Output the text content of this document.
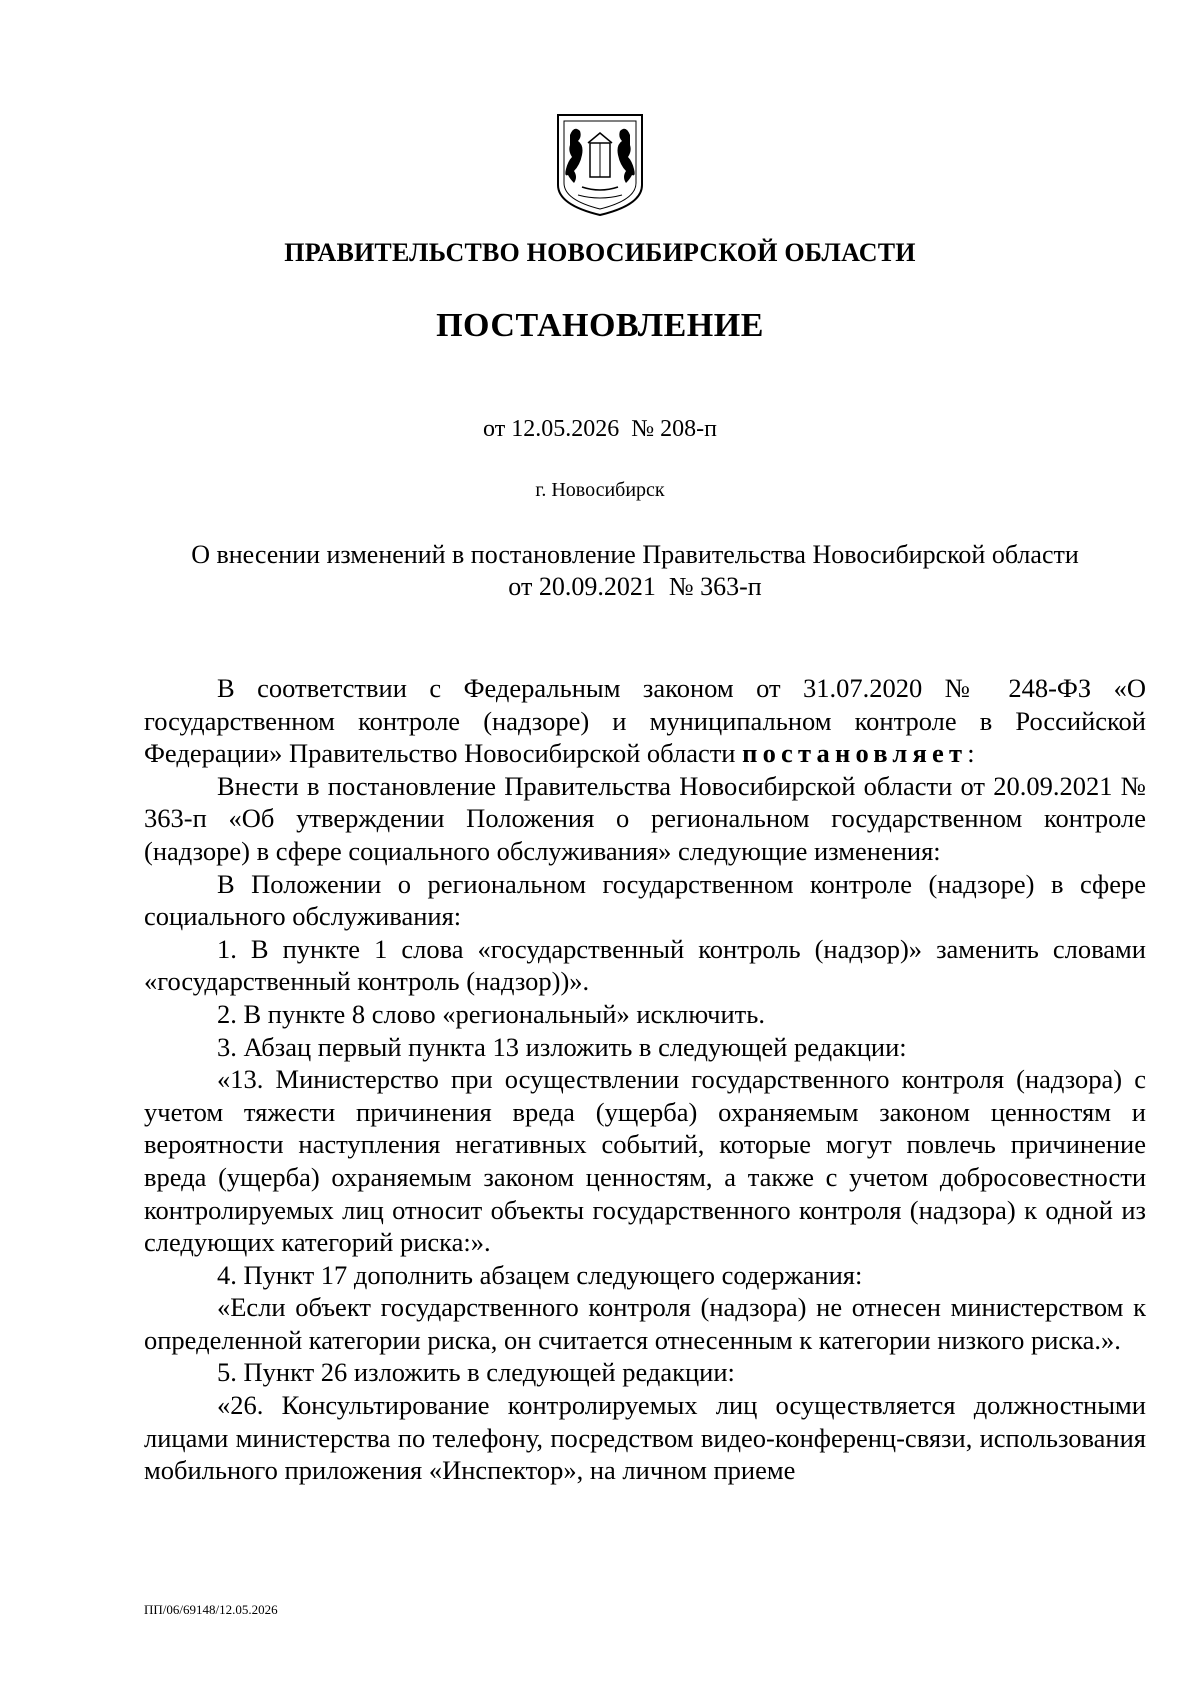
ПРАВИТЕЛЬСТВО НОВОСИБИРСКОЙ ОБЛАСТИ
ПОСТАНОВЛЕНИЕ
от 12.05.2026 № 208-п
г. Новосибирск
О внесении изменений в постановление Правительства Новосибирской области
от 20.09.2021  № 363-п

В соответствии с Федеральным законом от 31.07.2020 № 248-ФЗ «О государственном контроле (надзоре) и муниципальном контроле в Российской Федерации» Правительство Новосибирской области постановляет:

Внести в постановление Правительства Новосибирской области от 20.09.2021 № 363-п «Об утверждении Положения о региональном государственном контроле (надзоре) в сфере социального обслуживания» следующие изменения:

В Положении о региональном государственном контроле (надзоре) в сфере социального обслуживания:

1. В пункте 1 слова «государственный контроль (надзор)» заменить словами «государственный контроль (надзор))».

2. В пункте 8 слово «региональный» исключить.

3. Абзац первый пункта 13 изложить в следующей редакции:

«13. Министерство при осуществлении государственного контроля (надзора) с учетом тяжести причинения вреда (ущерба) охраняемым законом ценностям и вероятности наступления негативных событий, которые могут повлечь причинение вреда (ущерба) охраняемым законом ценностям, а также с учетом добросовестности контролируемых лиц относит объекты государственного контроля (надзора) к одной из следующих категорий риска:».

4. Пункт 17 дополнить абзацем следующего содержания:

«Если объект государственного контроля (надзора) не отнесен министерством к определенной категории риска, он считается отнесенным к категории низкого риска.».

5. Пункт 26 изложить в следующей редакции:

«26. Консультирование контролируемых лиц осуществляется должностными лицами министерства по телефону, посредством видео-конференц-связи, использования мобильного приложения «Инспектор», на личном приеме

ПП/06/69148/12.05.2026
